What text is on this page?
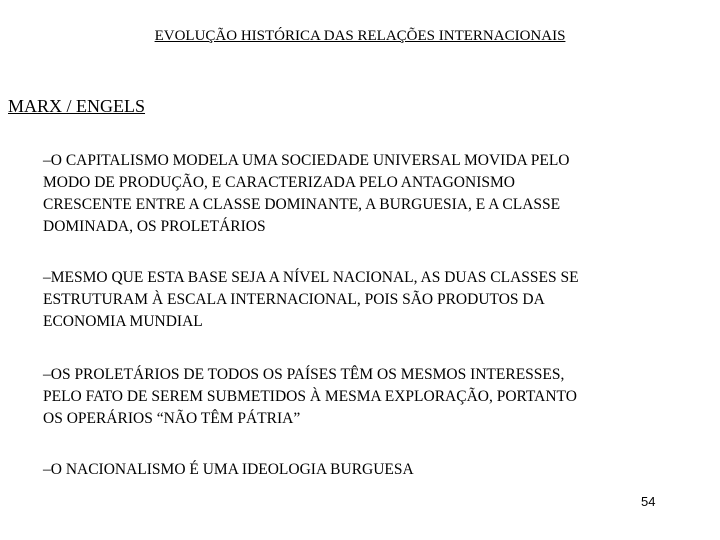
EVOLUÇÃO HISTÓRICA DAS RELAÇÕES INTERNACIONAIS
MARX / ENGELS
–O CAPITALISMO MODELA UMA SOCIEDADE UNIVERSAL MOVIDA PELO
MODO DE PRODUÇÃO, E CARACTERIZADA PELO ANTAGONISMO
CRESCENTE ENTRE A CLASSE DOMINANTE, A BURGUESIA, E A CLASSE
DOMINADA, OS PROLETÁRIOS
–MESMO QUE ESTA BASE SEJA A NÍVEL NACIONAL, AS DUAS CLASSES SE
ESTRUTURAM À ESCALA INTERNACIONAL, POIS SÃO PRODUTOS DA
ECONOMIA MUNDIAL
–OS PROLETÁRIOS DE TODOS OS PAÍSES TÊM OS MESMOS INTERESSES,
PELO FATO DE SEREM SUBMETIDOS À MESMA EXPLORAÇÃO, PORTANTO
OS OPERÁRIOS “NÃO TÊM PÁTRIA”
–O NACIONALISMO É UMA IDEOLOGIA BURGUESA
54
